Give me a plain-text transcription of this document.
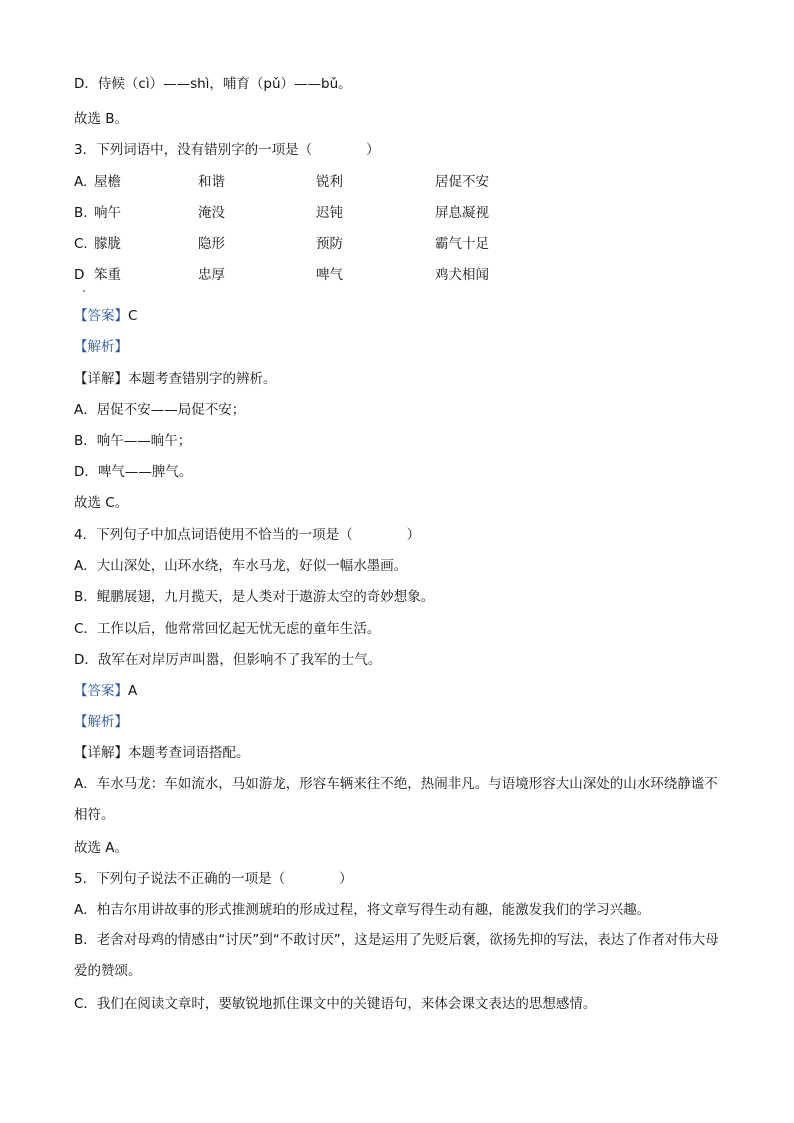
D．侍候（cì）——shì，哺育（pǔ）——bǔ。
故选 B。
3．下列词语中，没有错别字的一项是（　　　　）
A. 屋檐	和谐	锐利	居促不安
B. 响午	淹没	迟钝	屏息凝视
C. 朦胧	隐形	预防	霸气十足
D 笨重	忠厚	啤气	鸡犬相闻
【答案】C
【解析】
【详解】本题考查错别字的辨析。
A．居促不安——局促不安；
B．响午——晌午；
D．啤气——脾气。
故选 C。
4．下列句子中加点词语使用不恰当的一项是（　　　　）
A．大山深处，山环水绕，车水马龙，好似一幅水墨画。
B．鲲鹏展翅，九月揽天，是人类对于遨游太空的奇妙想象。
C．工作以后，他常常回忆起无忧无虑的童年生活。
D．敌军在对岸厉声叫嚣，但影响不了我军的士气。
【答案】A
【解析】
【详解】本题考查词语搭配。
A．车水马龙：车如流水，马如游龙，形容车辆来往不绝，热闹非凡。与语境形容大山深处的山水环绕静谧不相符。
故选 A。
5．下列句子说法不正确的一项是（　　　　）
A．柏吉尔用讲故事的形式推测琥珀的形成过程，将文章写得生动有趣，能激发我们的学习兴趣。
B．老舍对母鸡的情感由“讨厌”到“不敢讨厌”，这是运用了先贬后褒，欲扬先抑的写法，表达了作者对伟大母爱的赞颂。
C．我们在阅读文章时，要敏锐地抓住课文中的关键语句，来体会课文表达的思想感情。
